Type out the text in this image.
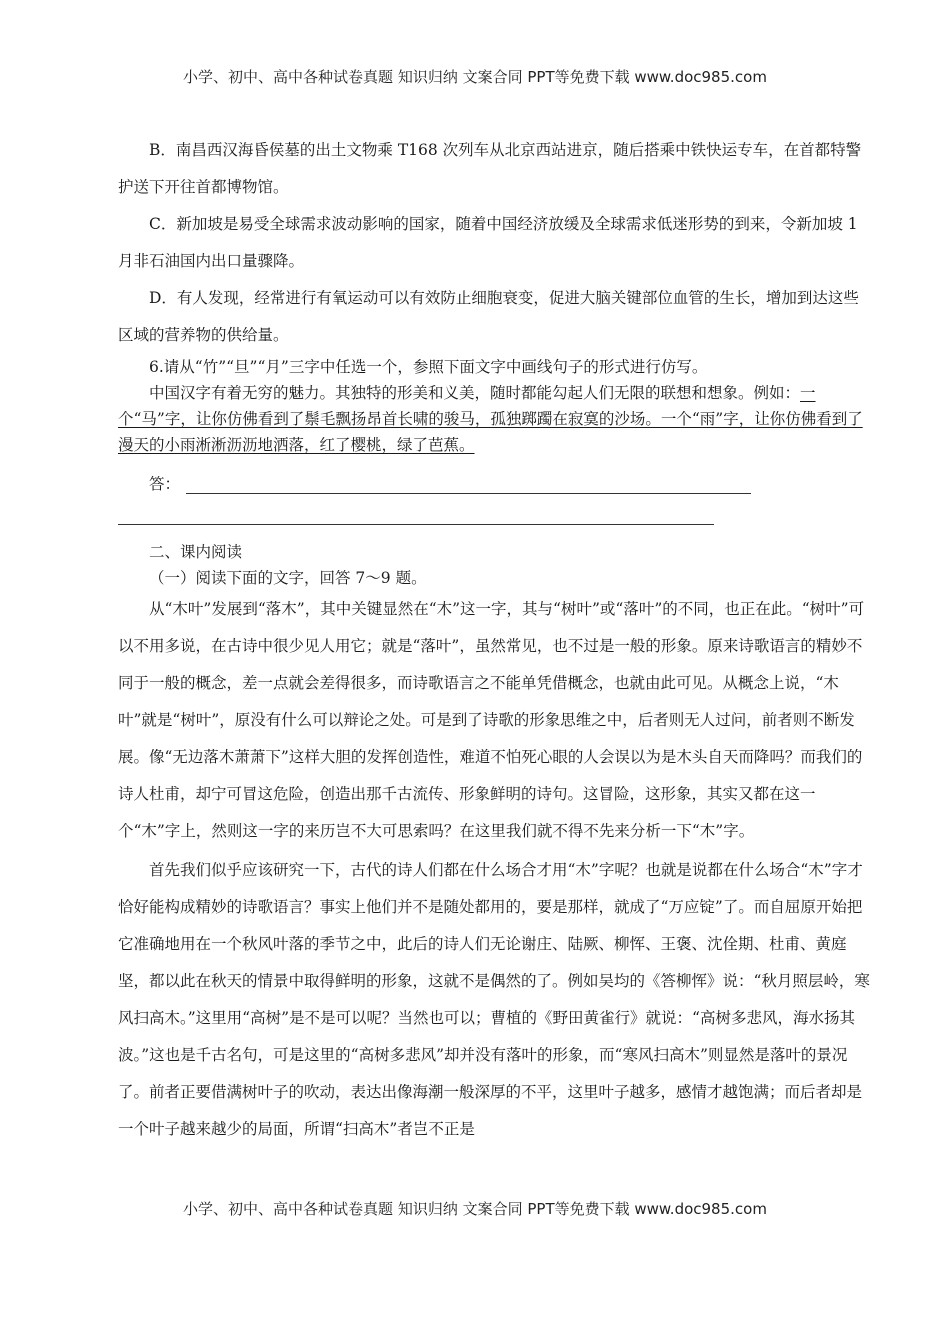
小学、初中、高中各种试卷真题 知识归纳 文案合同 PPT等免费下载 www.doc985.com

B．南昌西汉海昏侯墓的出土文物乘 T168 次列车从北京西站进京，随后搭乘中铁快运专车，在首都特警护送下开往首都博物馆。

C．新加坡是易受全球需求波动影响的国家，随着中国经济放缓及全球需求低迷形势的到来，令新加坡 1 月非石油国内出口量骤降。

D．有人发现，经常进行有氧运动可以有效防止细胞衰变，促进大脑关键部位血管的生长，增加到达这些区域的营养物的供给量。

6.请从“竹”“旦”“月”三字中任选一个，参照下面文字中画线句子的形式进行仿写。

中国汉字有着无穷的魅力。其独特的形美和义美，随时都能勾起人们无限的联想和想象。例如：一个“马”字，让你仿佛看到了鬃毛飘扬昂首长啸的骏马，孤独踯躅在寂寞的沙场。一个“雨”字，让你仿佛看到了漫天的小雨淅淅沥沥地洒落，红了樱桃，绿了芭蕉。

答：

二、课内阅读

（一）阅读下面的文字，回答 7～9 题。

从“木叶”发展到“落木”，其中关键显然在“木”这一字，其与“树叶”或“落叶”的不同，也正在此。“树叶”可以不用多说，在古诗中很少见人用它；就是“落叶”，虽然常见，也不过是一般的形象。原来诗歌语言的精妙不同于一般的概念，差一点就会差得很多，而诗歌语言之不能单凭借概念，也就由此可见。从概念上说，“木叶”就是“树叶”，原没有什么可以辩论之处。可是到了诗歌的形象思维之中，后者则无人过问，前者则不断发展。像“无边落木萧萧下”这样大胆的发挥创造性，难道不怕死心眼的人会误以为是木头自天而降吗？而我们的诗人杜甫，却宁可冒这危险，创造出那千古流传、形象鲜明的诗句。这冒险，这形象，其实又都在这一个“木”字上，然则这一字的来历岂不大可思索吗？在这里我们就不得不先来分析一下“木”字。

首先我们似乎应该研究一下，古代的诗人们都在什么场合才用“木”字呢？也就是说都在什么场合“木”字才恰好能构成精妙的诗歌语言？事实上他们并不是随处都用的，要是那样，就成了“万应锭”了。而自屈原开始把它准确地用在一个秋风叶落的季节之中，此后的诗人们无论谢庄、陆厥、柳恽、王褒、沈佺期、杜甫、黄庭坚，都以此在秋天的情景中取得鲜明的形象，这就不是偶然的了。例如吴均的《答柳恽》说：“秋月照层岭，寒风扫高木。”这里用“高树”是不是可以呢？当然也可以；曹植的《野田黄雀行》就说：“高树多悲风，海水扬其波。”这也是千古名句，可是这里的“高树多悲风”却并没有落叶的形象，而“寒风扫高木”则显然是落叶的景况了。前者正要借满树叶子的吹动，表达出像海潮一般深厚的不平，这里叶子越多，感情才越饱满；而后者却是一个叶子越来越少的局面，所谓“扫高木”者岂不正是

小学、初中、高中各种试卷真题 知识归纳 文案合同 PPT等免费下载 www.doc985.com
